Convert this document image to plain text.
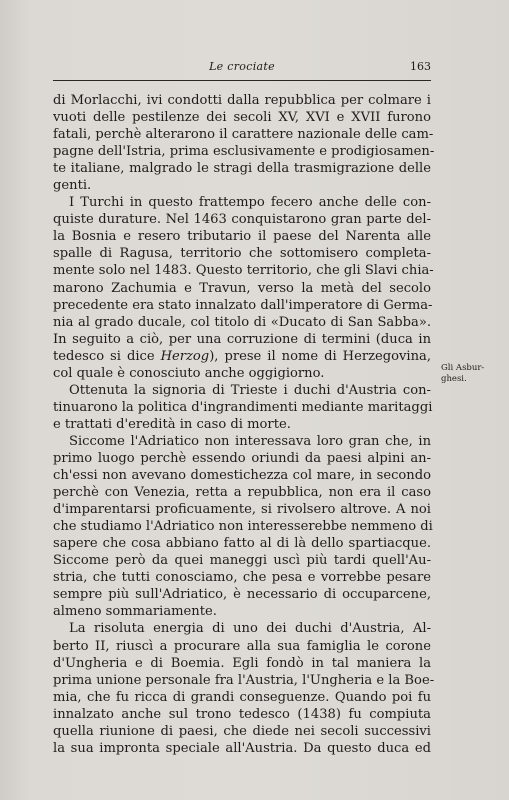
Le crociate	163
di Morlacchi, ivi condotti dalla repubblica per colmare i
vuoti delle pestilenze dei secoli XV, XVI e XVII furono
fatali, perchè alterarono il carattere nazionale delle cam-
pagne dell'Istria, prima esclusivamente e prodigiosamen-
te italiane, malgrado le stragi della trasmigrazione delle
genti.
I Turchi in questo frattempo fecero anche delle con-
quiste durature. Nel 1463 conquistarono gran parte del-
la Bosnia e resero tributario il paese del Narenta alle
spalle di Ragusa, territorio che sottomisero completa-
mente solo nel 1483. Questo territorio, che gli Slavi chia-
marono Zachumia e Travun, verso la metà del secolo
precedente era stato innalzato dall'imperatore di Germa-
nia al grado ducale, col titolo di «Ducato di San Sabba».
In seguito a ciò, per una corruzione di termini (duca in
tedesco si dice Herzog), prese il nome di Herzegovina,
col quale è conosciuto anche oggigiorno.
Ottenuta la signoria di Trieste i duchi d'Austria con-
tinuarono la politica d'ingrandimenti mediante maritaggi
e trattati d'eredità in caso di morte.
Siccome l'Adriatico non interessava loro gran che, in
primo luogo perchè essendo oriundi da paesi alpini an-
ch'essi non avevano domestichezza col mare, in secondo
perchè con Venezia, retta a repubblica, non era il caso
d'imparentarsi proficuamente, si rivolsero altrove. A noi
che studiamo l'Adriatico non interesserebbe nemmeno di
sapere che cosa abbiano fatto al di là dello spartiacque.
Siccome però da quei maneggi uscì più tardi quell'Au-
stria, che tutti conosciamo, che pesa e vorrebbe pesare
sempre più sull'Adriatico, è necessario di occuparcene,
almeno sommariamente.
La risoluta energia di uno dei duchi d'Austria, Al-
berto II, riuscì a procurare alla sua famiglia le corone
d'Ungheria e di Boemia. Egli fondò in tal maniera la
prima unione personale fra l'Austria, l'Ungheria e la Boe-
mia, che fu ricca di grandi conseguenze. Quando poi fu
innalzato anche sul trono tedesco (1438) fu compiuta
quella riunione di paesi, che diede nei secoli successivi
la sua impronta speciale all'Austria. Da questo duca ed
Gli Asbur-
ghesi.
